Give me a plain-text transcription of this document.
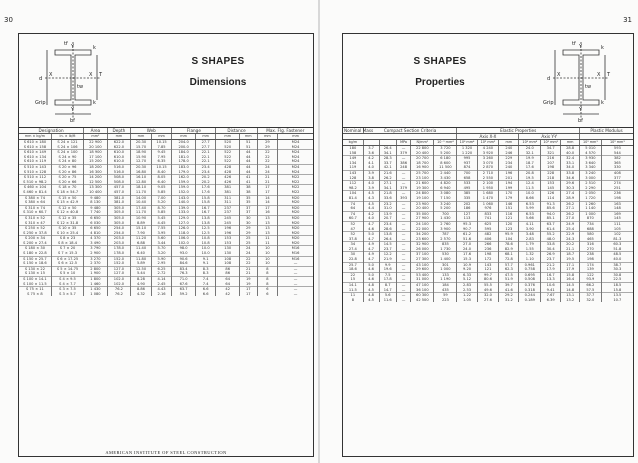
30
tf Y	k
d
X	T
X
tw
Grip
Y
k
bf
S SHAPES
Dimensions
Designation		Area	Depth	Web		Flange		Distance		Max. Flg. Fastener	
mm × kg/m	in. × lb/ft	mm²	mm	mm	mm	mm	mm	mm	mm	mm	mm
S 610 × 180	S 24 × 121	22 900	622.0	20.30	10.15	204.0	27.7	520	51	29	M24
S 610 × 158	S 24 × 106	20 100	622.0	15.70	7.85	200.0	27.7	520	51	29	M24
S 610 × 149	S 24 × 100	18 900	610.0	18.90	9.45	184.0	22.1	522	44	22	M24
S 610 × 134	S 24 × 90	17 100	610.0	15.90	7.95	181.0	22.1	522	44	22	M24
S 610 × 119	S 24 × 80	15 200	610.0	12.70	6.35	178.0	22.1	522	44	22	M24
S 510 × 143	S 20 × 96	18 200	516.0	20.30	10.15	183.0	23.4	428	44	24	M24
S 510 × 128	S 20 × 86	16 300	516.0	16.80	8.40	179.0	23.4	428	44	24	M24
S 510 × 112	S 20 × 75	14 200	508.0	16.10	8.05	162.0	20.2	426	41	21	M22
S 510 × 98.2	S 20 × 66	12 500	508.0	12.80	6.40	159.0	20.2	426	41	21	M22
S 460 × 104	S 18 × 70	13 300	457.0	18.10	9.05	159.0	17.6	381	38	17	M22
S 460 × 81.4	S 18 × 54.7	10 400	457.0	11.70	5.85	152.0	17.6	381	38	17	M22
S 380 × 74	S 15 × 50	9 480	381.0	14.00	7.00	143.0	15.8	311	35	14	M20
S 380 × 64	S 15 × 42.9	8 130	381.0	10.40	5.20	140.0	15.8	311	35	14	M20
S 310 × 74	S 12 × 50	9 480	305.0	17.40	8.70	139.0	16.7	237	37	17	M20
S 310 × 60.7	S 12 × 40.8	7 740	305.0	11.70	5.85	133.0	16.7	237	37	16	M20
S 310 × 52	S 12 × 35	6 650	305.0	10.90	5.45	129.0	13.8	245	30	13	M20
S 310 × 47	S 12 × 31.8	6 030	305.0	8.89	4.45	127.0	13.8	245	30	13	M20
S 250 × 52	S 10 × 35	6 650	254.0	15.10	7.55	126.0	12.5	196	29	13	M20
S 250 × 37.8	S 10 × 25.4	4 810	254.0	7.90	3.95	118.0	12.5	196	29	13	M20
S 200 × 34	S 8 × 23	4 370	203.0	11.20	5.60	106.0	10.8	153	25	11	M20
S 200 × 27.4	S 8 × 18.4	3 490	203.0	6.88	3.44	102.0	10.8	153	25	11	M20
S 180 × 30	S 7 × 20	3 790	178.0	11.40	5.70	98.0	10.0	130	24	10	M16
S 180 × 22.8	S 7 × 15.3	2 900	178.0	6.40	3.20	93.0	10.0	130	24	10	M16
S 150 × 25.7	S 6 × 17.25	3 270	152.0	11.80	5.90	90.6	9.1	108	22	10	M16
S 150 × 18.6	S 6 × 12.5	2 370	152.0	5.89	2.95	84.6	9.1	108	22	10	—
S 130 × 22	S 5 × 14.75	2 800	127.0	12.50	6.25	83.4	8.3	86	21	8	—
S 130 × 15	S 5 × 10	1 900	127.0	5.44	2.72	76.3	8.3	86	21	8	—
S 100 × 14.1	S 4 × 9.5	1 800	102.0	8.28	4.14	71.0	7.4	64	19	8	—
S 100 × 11.5	S 4 × 7.7	1 460	102.0	4.90	2.45	67.6	7.4	64	19	8	—
S 75 × 11	S 3 × 7.5	1 430	76.2	8.86	4.43	63.7	6.6	42	17	6	—
S 75 × 8	S 3 × 5.7	1 080	76.2	4.32	2.16	59.2	6.6	42	17	6	—
AMERICAN INSTITUTE OF STEEL CONSTRUCTION
31
S SHAPES
Properties
tf Y	k
d
X	T
X
tw
Grip
Y
k
bf
Nominal Mass	Compact Section Criteria					Elastic Properties						Plastic Modulus	
						Axis X-X			Axis Y-Y				
kg/m			MPa	N/mm²	10⁻⁹ mm⁴	10⁶ mm⁴	10³ mm³	mm	10⁶ mm⁴	10³ mm³	mm	10³ mm³	10³ mm³
180	3.7	26.4	—	22 800	3 720	1 320	4 240	240	24.0	34.7	28.8	5 010	593
158	3.6	34.1	379	20 400	5 200	1 220	3 920	246	32.1	321	40.0	4 570	544
149	4.2	28.3	—	20 700	6 180	995	3 260	229	19.9	216	32.4	3 930	382
134	4.1	33.7	386	18 700	8 600	937	3 070	234	18.7	207	33.1	3 640	365
119	4.0	42.1	248	16 900	11 500	874	2 870	240	17.6	198	34.0	3 340	330
143	3.9	21.6	—	25 700	2 440	700	2 710	196	20.8	228	33.8	3 240	408
128	3.8	26.2	—	23 100	3 430	658	2 550	201	19.5	218	34.6	3 000	377
112	4.0	27.1	—	21 600	4 820	533	2 100	194	12.4	153	29.6	2 510	274
98.2	3.9	34.1	379	19 300	6 940	495	1 950	199	11.5	145	30.3	2 290	251
104	4.5	21.8	—	24 800	3 080	385	1 680	170	10.0	126	27.4	2 050	236
81.4	4.3	33.6	393	19 100	7 150	335	1 470	179	8.66	114	28.9	1 720	198
74	4.5	23.2	—	23 900	3 240	202	1 060	146	6.53	91.3	26.2	1 260	163
64	4.4	31.0	—	20 400	5 200	186	976	151	5.99	85.6	27.1	1 140	148
74	4.2	13.9	—	35 000	700	127	833	116	6.53	94.0	26.2	1 000	169
60.7	4.0	20.7	—	27 900	1 430	113	741	121	5.66	85.1	27.0	870	145
52	4.7	23.4	—	24 100	2 760	95.3	625	120	4.11	63.7	24.9	734	111
47	4.6	28.6	—	22 000	3 900	90.7	595	123	3.90	61.4	25.4	688	105
52	5.0	13.8	—	34 200	787	61.2	482	95.9	3.48	55.2	22.9	580	102
37.8	4.7	26.4	—	23 600	2 570	51.6	406	104	2.83	48.0	24.3	465	81.3
34	4.9	14.5	—	32 900	835	27.0	266	78.6	1.79	33.8	20.2	316	60.3
27.4	4.7	23.7	—	26 000	1 730	24.0	236	82.9	1.55	30.4	21.1	270	51.8
30	4.9	12.2	—	37 100	530	17.6	198	68.1	1.32	26.9	18.7	238	48.5
22.8	4.7	21.9	—	27 300	1 400	15.3	172	72.8	1.10	23.7	19.5	198	40.0
25.7	5.0	9.9	—	43 100	301	10.9	143	57.7	0.961	21.2	17.1	174	38.7
18.6	4.6	19.6	—	29 600	1 000	9.20	121	62.3	0.758	17.9	17.9	139	30.3
22	5.0	7.5	—	53 400	133	6.33	99.7	47.5	0.695	16.7	15.8	122	30.8
15	4.6	17.8	—	31 000	1 190	5.12	80.6	51.9	0.508	13.3	16.4	93.9	22.5
14.1	4.8	8.7	—	47 100	184	2.83	55.5	39.7	0.376	10.6	14.5	66.2	18.5
11.5	4.5	14.7	—	36 100	435	2.53	49.6	41.6	0.318	9.41	14.8	57.5	15.8
11	4.8	5.6	—	60 300	59	1.22	32.0	29.2	0.244	7.67	13.1	37.7	13.5
8	4.5	11.6	—	42 500	223	1.05	27.6	31.2	0.189	6.39	13.2	32.0	10.7
